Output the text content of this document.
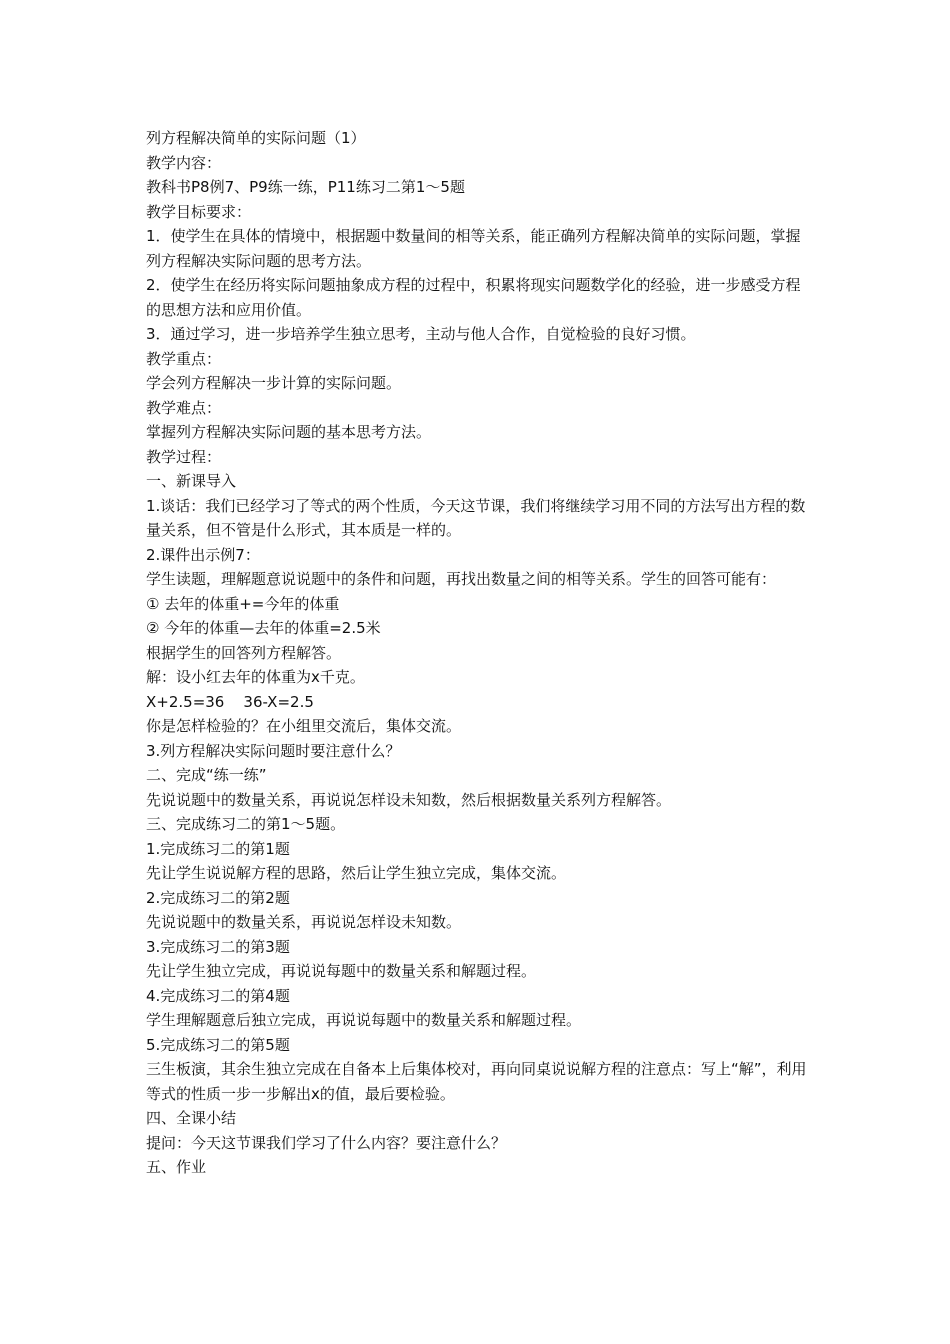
列方程解决简单的实际问题（1）

教学内容：

教科书P8例7、P9练一练，P11练习二第1～5题

教学目标要求：

1．使学生在具体的情境中，根据题中数量间的相等关系，能正确列方程解决简单的实际问题，掌握列方程解决实际问题的思考方法。

2．使学生在经历将实际问题抽象成方程的过程中，积累将现实问题数学化的经验，进一步感受方程的思想方法和应用价值。

3．通过学习，进一步培养学生独立思考，主动与他人合作，自觉检验的良好习惯。

教学重点：

学会列方程解决一步计算的实际问题。

教学难点：

掌握列方程解决实际问题的基本思考方法。

教学过程：

一、新课导入

1.谈话：我们已经学习了等式的两个性质，今天这节课，我们将继续学习用不同的方法写出方程的数量关系，但不管是什么形式，其本质是一样的。

2.课件出示例7：

学生读题，理解题意说说题中的条件和问题，再找出数量之间的相等关系。学生的回答可能有：

① 去年的体重+=今年的体重

② 今年的体重—去年的体重=2.5米

根据学生的回答列方程解答。

解：设小红去年的体重为x千克。

X+2.5=36    36-X=2.5

你是怎样检验的？在小组里交流后，集体交流。

3.列方程解决实际问题时要注意什么？

二、完成“练一练”

先说说题中的数量关系，再说说怎样设未知数，然后根据数量关系列方程解答。

三、完成练习二的第1～5题。

1.完成练习二的第1题

先让学生说说解方程的思路，然后让学生独立完成，集体交流。

2.完成练习二的第2题

先说说题中的数量关系，再说说怎样设未知数。

3.完成练习二的第3题

先让学生独立完成，再说说每题中的数量关系和解题过程。

4.完成练习二的第4题

学生理解题意后独立完成，再说说每题中的数量关系和解题过程。

5.完成练习二的第5题

三生板演，其余生独立完成在自备本上后集体校对，再向同桌说说解方程的注意点：写上“解”，利用等式的性质一步一步解出x的值，最后要检验。

四、全课小结

提问：今天这节课我们学习了什么内容？要注意什么？

五、作业
